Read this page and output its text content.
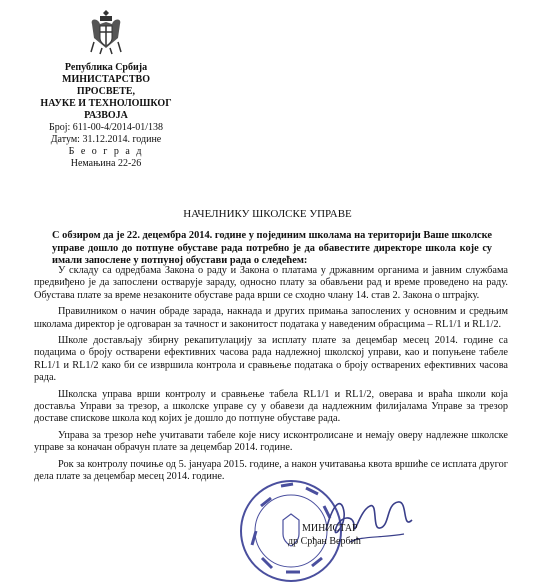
Република Србија
МИНИСТАРСТВО ПРОСВЕТЕ,
НАУКЕ И ТЕХНОЛОШКОГ
РАЗВОЈА
Број: 611-00-4/2014-01/138
Датум: 31.12.2014. године
Б е о г р а д
Немањина 22-26
НАЧЕЛНИКУ ШКОЛСКЕ УПРАВЕ
С обзиром да је 22. децембра 2014. године у појединим школама на територији Ваше школске управе дошло до потпуне обуставе рада потребно је да обавестите директоре школа које су имали запослене у потпуној обустави рада о следећем:

У складу са одредбама Закона о раду и Закона о платама у државним органима и јавним службама предвиђено је да запослени остварује зараду, односно плату за обављени рад и време проведено на раду. Обуставa плате за време незаконите обуставе рада врши се сходно члану 14. став 2. Закона о штрајку.

Правилником о начин обраде зарада, накнада и других примања запослених у основним и средњим школама директор је одговаран за тачност и законитост података у наведеним обрасцима – RL1/1 и RL1/2.

Школе достављају збирну рекапитулацију за исплату плате за децембар месец 2014. године са подацима о броју остварени ефективних часова рада надлежној школској управи, као и попуњене табеле RL1/1 и RL1/2 како би се извршила контрола и сравњење података о броју остварених ефективних часова рада.

Школска управа врши контролу и сравњење табела RL1/1 и RL1/2, оверава и враћа школи која доставља Управи за трезор, а школске управе су у обавези да надлежним филијалама Управе за трезор доставе списковe школа код којих је дошло до потпуне обуставе рада.

Управа за трезор неће учитавати табеле које нису исконтролисане и немају оверу надлежне школске управе за коначан обрачун плате за децембар 2014. године.

Рок за контролу почиње од 5. јануара 2015. године, а након учитавања квота вршиће се исплата другог дела плате за децембар месец 2014. године.

МИНИСТАР
др Срђан Вербић
